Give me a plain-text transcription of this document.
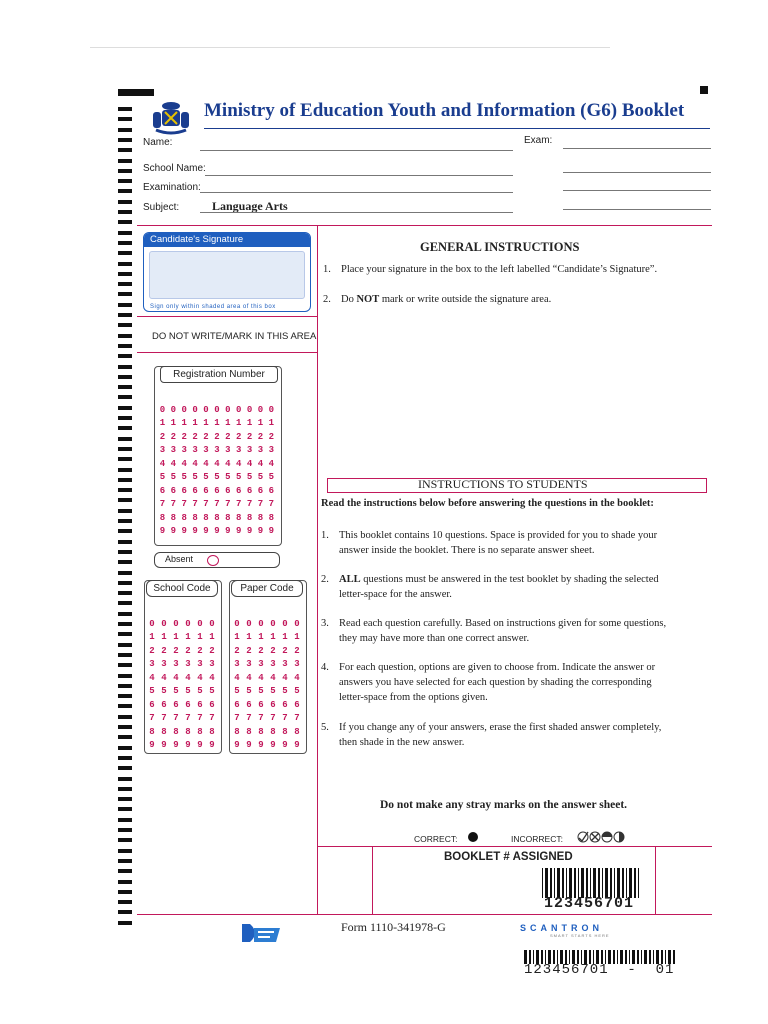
Ministry of Education Youth and Information (G6) Booklet
Name:	Exam:
School Name:
Examination:
Subject:	Language Arts
Candidate's Signature
Sign only within shaded area of this box
DO NOT WRITE/MARK IN THIS AREA
Registration Number
0 0 0 0 0 0 0 0 0 0 0
1 1 1 1 1 1 1 1 1 1 1
2 2 2 2 2 2 2 2 2 2 2
3 3 3 3 3 3 3 3 3 3 3
4 4 4 4 4 4 4 4 4 4 4
5 5 5 5 5 5 5 5 5 5 5
6 6 6 6 6 6 6 6 6 6 6
7 7 7 7 7 7 7 7 7 7 7
8 8 8 8 8 8 8 8 8 8 8
9 9 9 9 9 9 9 9 9 9 9
Absent
School Code
0 0 0 0 0 0
1 1 1 1 1 1
2 2 2 2 2 2
3 3 3 3 3 3
4 4 4 4 4 4
5 5 5 5 5 5
6 6 6 6 6 6
7 7 7 7 7 7
8 8 8 8 8 8
9 9 9 9 9 9
Paper Code
0 0 0 0 0 0
1 1 1 1 1 1
2 2 2 2 2 2
3 3 3 3 3 3
4 4 4 4 4 4
5 5 5 5 5 5
6 6 6 6 6 6
7 7 7 7 7 7
8 8 8 8 8 8
9 9 9 9 9 9
GENERAL INSTRUCTIONS
1. Place your signature in the box to the left labelled “Candidate’s Signature”.
2. Do NOT mark or write outside the signature area.
INSTRUCTIONS TO STUDENTS
Read the instructions below before answering the questions in the booklet:
1. This booklet contains 10 questions. Space is provided for you to shade your
answer inside the booklet. There is no separate answer sheet.
2. ALL questions must be answered in the test booklet by shading the selected
letter-space for the answer.
3. Read each question carefully. Based on instructions given for some questions,
they may have more than one correct answer.
4. For each question, options are given to choose from. Indicate the answer or
answers you have selected for each question by shading the corresponding
letter-space from the options given.
5. If you change any of your answers, erase the first shaded answer completely,
then shade in the new answer.
Do not make any stray marks on the answer sheet.
CORRECT:	INCORRECT:
BOOKLET # ASSIGNED
123456701
Form 1110-341978-G	SCANTRON
SMART STARTS HERE
123456701  -  01
